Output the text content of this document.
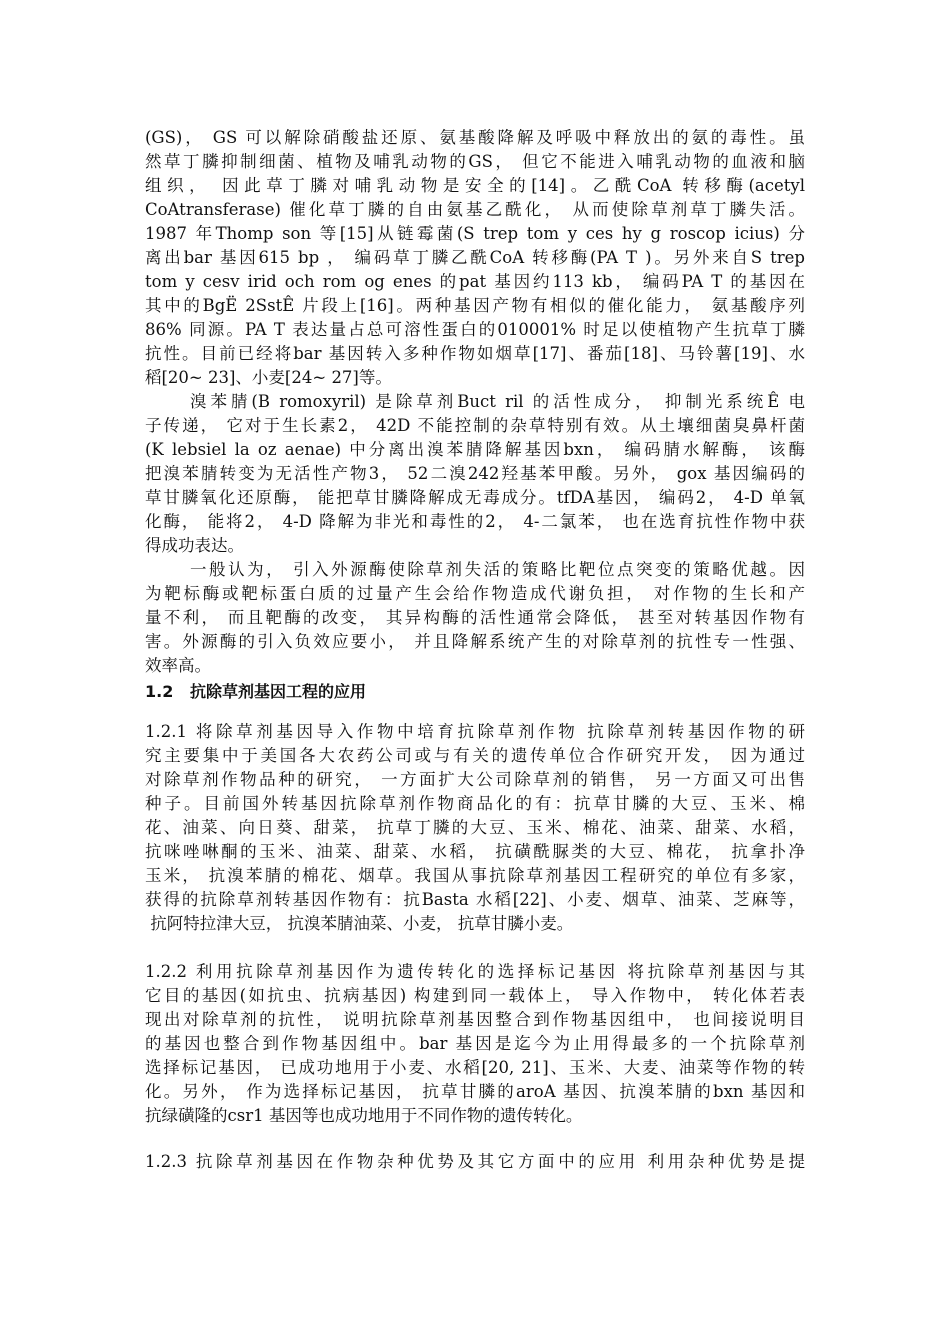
(GS)， GS 可以解除硝酸盐还原、氨基酸降解及呼吸中释放出的氨的毒性。虽
然草丁膦抑制细菌、植物及哺乳动物的GS， 但它不能进入哺乳动物的血液和脑
组织， 因此草丁膦对哺乳动物是安全的[14]。乙酰CoA 转移酶(acetyl
CoAtransferase) 催化草丁膦的自由氨基乙酰化， 从而使除草剂草丁膦失活。
1987 年Thomp son 等[15]从链霉菌(S trep tom y ces hy g roscop icius) 分
离出bar 基因615 bp ， 编码草丁膦乙酰CoA 转移酶(PA T )。另外来自S trep
tom y cesv irid och rom og enes 的pat 基因约113 kb， 编码PA T 的基因在
其中的BgË 2SstÊ 片段上[16]。两种基因产物有相似的催化能力， 氨基酸序列
86% 同源。PA T 表达量占总可溶性蛋白的010001% 时足以使植物产生抗草丁膦
抗性。目前已经将bar 基因转入多种作物如烟草[17]、番茄[18]、马铃薯[19]、水
稻[20~ 23]、小麦[24~ 27]等。
溴苯腈(B romoxyril) 是除草剂Buct ril 的活性成分， 抑制光系统Ê 电
子传递， 它对于生长素2， 42D 不能控制的杂草特别有效。从土壤细菌臭鼻杆菌
(K lebsiel la oz aenae) 中分离出溴苯腈降解基因bxn， 编码腈水解酶， 该酶
把溴苯腈转变为无活性产物3， 52二溴242羟基苯甲酸。另外， gox 基因编码的
草甘膦氧化还原酶， 能把草甘膦降解成无毒成分。tfDA基因， 编码2， 4-D 单氧
化酶， 能将2， 4-D 降解为非光和毒性的2， 4-二氯苯， 也在选育抗性作物中获
得成功表达。
一般认为， 引入外源酶使除草剂失活的策略比靶位点突变的策略优越。因
为靶标酶或靶标蛋白质的过量产生会给作物造成代谢负担， 对作物的生长和产
量不利， 而且靶酶的改变， 其异构酶的活性通常会降低， 甚至对转基因作物有
害。外源酶的引入负效应要小， 并且降解系统产生的对除草剂的抗性专一性强、
效率高。
1.2   抗除草剂基因工程的应用
1.2.1 将除草剂基因导入作物中培育抗除草剂作物 抗除草剂转基因作物的研
究主要集中于美国各大农药公司或与有关的遗传单位合作研究开发， 因为通过
对除草剂作物品种的研究， 一方面扩大公司除草剂的销售， 另一方面又可出售
种子。目前国外转基因抗除草剂作物商品化的有：抗草甘膦的大豆、玉米、棉
花、油菜、向日葵、甜菜， 抗草丁膦的大豆、玉米、棉花、油菜、甜菜、水稻，
抗咪唑啉酮的玉米、油菜、甜菜、水稻， 抗磺酰脲类的大豆、棉花， 抗拿扑净
玉米， 抗溴苯腈的棉花、烟草。我国从事抗除草剂基因工程研究的单位有多家，
获得的抗除草剂转基因作物有：抗Basta 水稻[22]、小麦、烟草、油菜、芝麻等，
抗阿特拉津大豆， 抗溴苯腈油菜、小麦， 抗草甘膦小麦。
1.2.2 利用抗除草剂基因作为遗传转化的选择标记基因 将抗除草剂基因与其
它目的基因(如抗虫、抗病基因) 构建到同一载体上， 导入作物中， 转化体若表
现出对除草剂的抗性， 说明抗除草剂基因整合到作物基因组中， 也间接说明目
的基因也整合到作物基因组中。bar 基因是迄今为止用得最多的一个抗除草剂
选择标记基因， 已成功地用于小麦、水稻[20, 21]、玉米、大麦、油菜等作物的转
化。另外， 作为选择标记基因， 抗草甘膦的aroA 基因、抗溴苯腈的bxn 基因和
抗绿磺隆的csr1 基因等也成功地用于不同作物的遗传转化。
1.2.3 抗除草剂基因在作物杂种优势及其它方面中的应用 利用杂种优势是提
